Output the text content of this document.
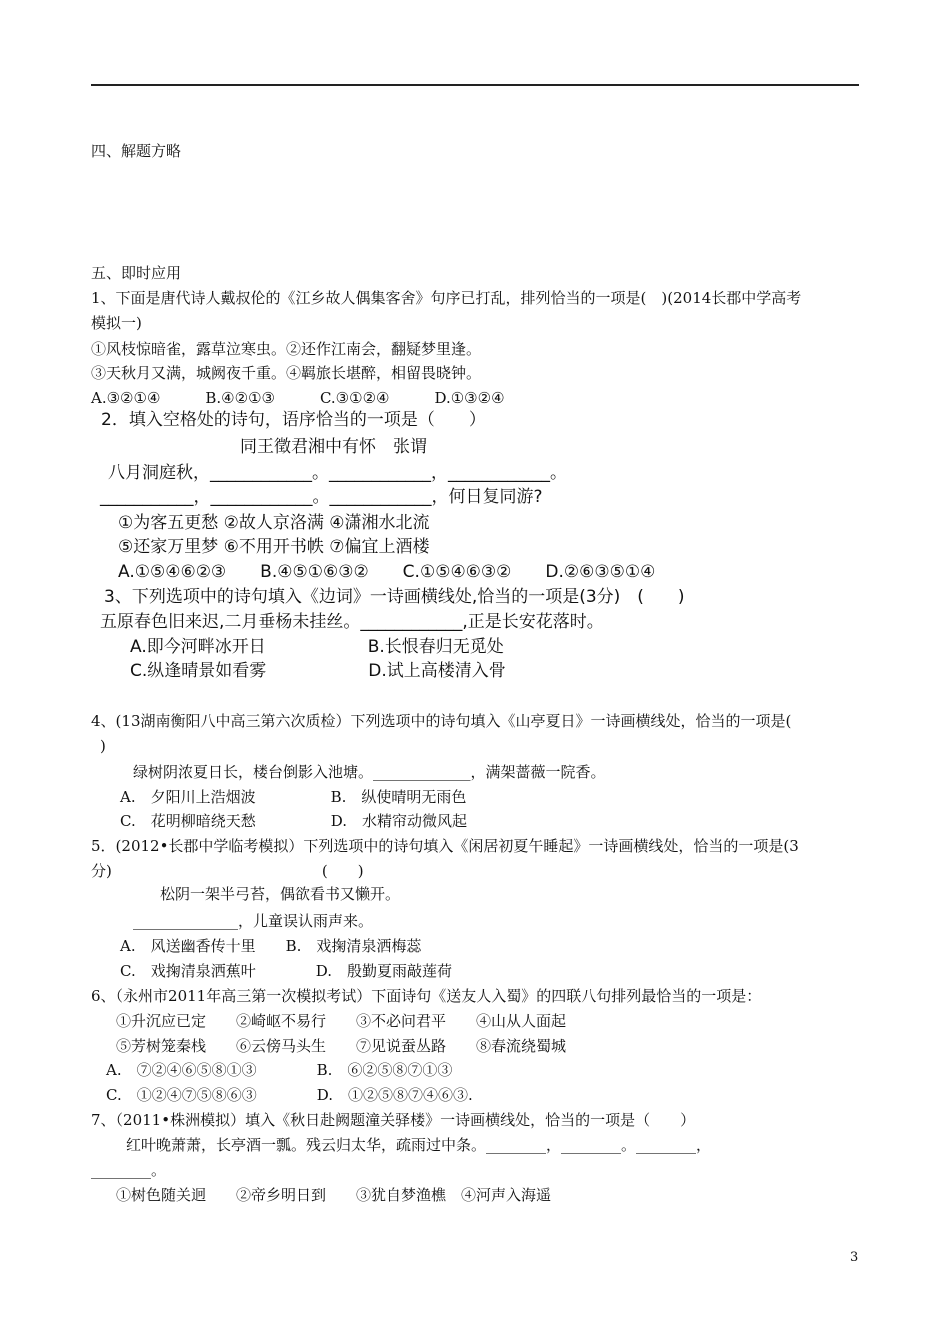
四、解题方略
五、即时应用
1、下面是唐代诗人戴叔伦的《江乡故人偶集客舍》句序已打乱，排列恰当的一项是(　)(2014长郡中学高考
模拟一)
①风枝惊暗雀，露草泣寒虫。②还作江南会，翻疑梦里逢。
③天秋月又满，城阙夜千重。④羁旅长堪醉，相留畏晓钟。
A.③②①④　　　B.④②①③　　　C.③①②④　　　D.①③②④
2．填入空格处的诗句，语序恰当的一项是（　　）
同王徵君湘中有怀　张谓
八月洞庭秋，____________。____________，____________。
___________，____________。____________，何日复同游?
①为客五更愁 ②故人京洛满 ④潇湘水北流
⑤还家万里梦 ⑥不用开书帙 ⑦偏宜上酒楼
A.①⑤④⑥②③　　B.④⑤①⑥③②　　C.①⑤④⑥③②　　D.②⑥③⑤①④
3、下列选项中的诗句填入《边词》一诗画横线处,恰当的一项是(3分)　(　　)
五原春色旧来迟,二月垂杨未挂丝。____________,正是长安花落时。
A.即今河畔冰开日　　　　　　B.长恨春归无觅处
C.纵逢晴景如看雾　　　　　　D.试上高楼清入骨
4、(13湖南衡阳八中高三第六次质检）下列选项中的诗句填入《山亭夏日》一诗画横线处，恰当的一项是(
)
绿树阴浓夏日长，楼台倒影入池塘。_____________，满架蔷薇一院香。
A.　夕阳川上浩烟波　　　　　B.　纵使晴明无雨色
C.　花明柳暗绕天愁　　　　　D.　水精帘动微风起
5．(2012•长郡中学临考模拟）下列选项中的诗句填入《闲居初夏午睡起》一诗画横线处，恰当的一项是(3
分)　　　　　　　　　　　　　　(　　)
松阴一架半弓苔，偶欲看书又懒开。
______________，儿童误认雨声来。
A.　风送幽香传十里　　B.　戏掬清泉洒梅蕊
C.　戏掬清泉洒蕉叶　　　　D.　殷勤夏雨敲莲荷
6、（永州市2011年高三第一次模拟考试）下面诗句《送友人入蜀》的四联八句排列最恰当的一项是：
①升沉应已定　　②崎岖不易行　　③不必问君平　　④山从人面起
⑤芳树笼秦栈　　⑥云傍马头生　　⑦见说蚕丛路　　⑧春流绕蜀城
A.　⑦②④⑥⑤⑧①③　　　　B.　⑥②⑤⑧⑦①③
C.　①②④⑦⑤⑧⑥③　　　　D.　①②⑤⑧⑦④⑥③.
7、（2011•株洲模拟）填入《秋日赴阙题潼关驿楼》一诗画横线处，恰当的一项是（　　）
红叶晚萧萧，长亭酒一瓢。残云归太华，疏雨过中条。________，________。________，
________。
①树色随关迥　　②帝乡明日到　　③犹自梦渔樵　④河声入海遥
3
